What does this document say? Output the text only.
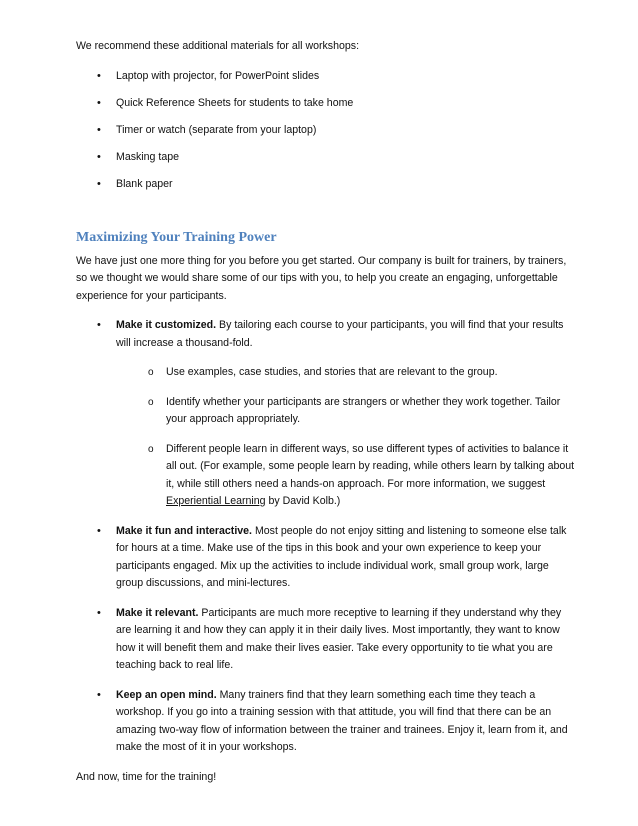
We recommend these additional materials for all workshops:

• Laptop with projector, for PowerPoint slides
• Quick Reference Sheets for students to take home
• Timer or watch (separate from your laptop)
• Masking tape
• Blank paper
Maximizing Your Training Power

We have just one more thing for you before you get started. Our company is built for trainers, by trainers, so we thought we would share some of our tips with you, to help you create an engaging, unforgettable experience for your participants.

• Make it customized. By tailoring each course to your participants, you will find that your results will increase a thousand-fold.
o Use examples, case studies, and stories that are relevant to the group.
o Identify whether your participants are strangers or whether they work together. Tailor your approach appropriately.
o Different people learn in different ways, so use different types of activities to balance it all out. (For example, some people learn by reading, while others learn by talking about it, while still others need a hands-on approach. For more information, we suggest Experiential Learning by David Kolb.)
• Make it fun and interactive. Most people do not enjoy sitting and listening to someone else talk for hours at a time. Make use of the tips in this book and your own experience to keep your participants engaged. Mix up the activities to include individual work, small group work, large group discussions, and mini-lectures.
• Make it relevant. Participants are much more receptive to learning if they understand why they are learning it and how they can apply it in their daily lives. Most importantly, they want to know how it will benefit them and make their lives easier. Take every opportunity to tie what you are teaching back to real life.
• Keep an open mind. Many trainers find that they learn something each time they teach a workshop. If you go into a training session with that attitude, you will find that there can be an amazing two-way flow of information between the trainer and trainees. Enjoy it, learn from it, and make the most of it in your workshops.

And now, time for the training!
